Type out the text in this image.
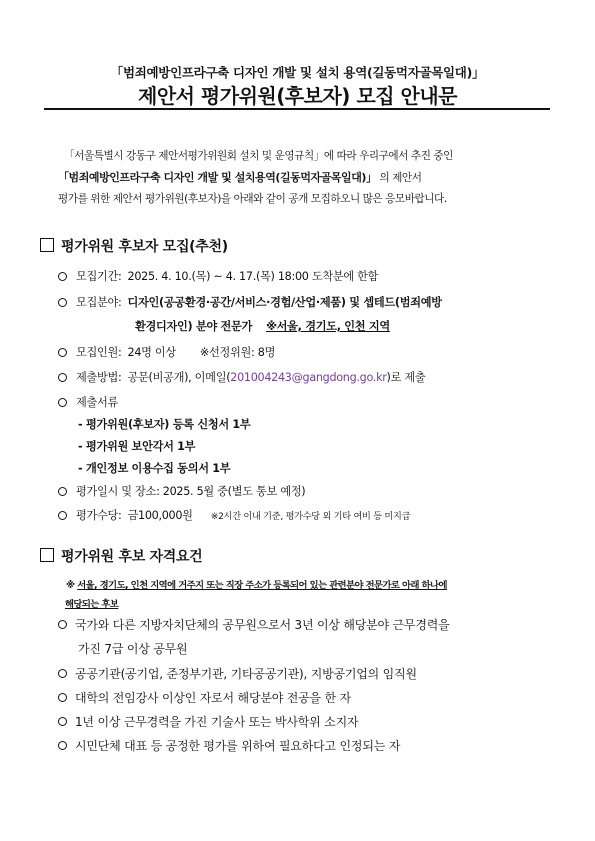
「범죄예방인프라구축 디자인 개발 및 설치 용역(길동먹자골목일대)」
제안서 평가위원(후보자) 모집 안내문
「서울특별시 강동구 제안서평가위원회 설치 및 운영규칙」에 따라 우리구에서 추진 중인
「범죄예방인프라구축 디자인 개발 및 설치용역(길동먹자골목일대)」 의 제안서
평가를 위한 제안서 평가위원(후보자)을 아래와 같이 공개 모집하오니 많은 응모바랍니다.
평가위원 후보자 모집(추천)
모집기간: 2025. 4. 10.(목) ~ 4. 17.(목) 18:00 도착분에 한함
모집분야: 디자인(공공환경·공간/서비스·경험/산업·제품) 및 셉테드(범죄예방
환경디자인) 분야 전문가 ※서울, 경기도, 인천 지역
모집인원: 24명 이상 ※선정위원: 8명
제출방법: 공문(비공개), 이메일(201004243@gangdong.go.kr)로 제출
제출서류
- 평가위원(후보자) 등록 신청서 1부
- 평가위원 보안각서 1부
- 개인정보 이용수집 동의서 1부
평가일시 및 장소: 2025. 5월 중(별도 통보 예정)
평가수당: 금100,000원 ※2시간 이내 기준, 평가수당 외 기타 여비 등 미지급
평가위원 후보 자격요건
※ 서울, 경기도, 인천 지역에 거주지 또는 직장 주소가 등록되어 있는 관련분야 전문가로 아래 하나에
해당되는 후보
국가와 다른 지방자치단체의 공무원으로서 3년 이상 해당분야 근무경력을
가진 7급 이상 공무원
공공기관(공기업, 준정부기관, 기타공공기관), 지방공기업의 임직원
대학의 전임강사 이상인 자로서 해당분야 전공을 한 자
1년 이상 근무경력을 가진 기술사 또는 박사학위 소지자
시민단체 대표 등 공정한 평가를 위하여 필요하다고 인정되는 자
